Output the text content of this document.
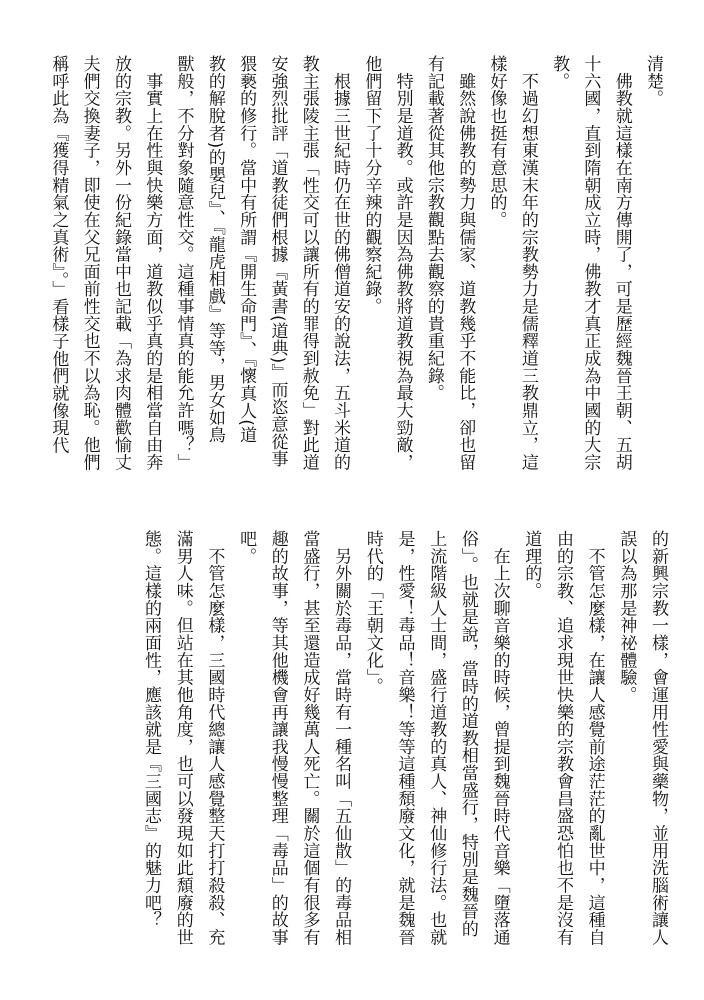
清楚。

　佛教就這樣在南方傳開了，可是歷經魏晉王朝、五胡

十六國，直到隋朝成立時，佛教才真正成為中國的大宗

教。

　不過幻想東漢末年的宗教勢力是儒釋道三教鼎立，這

樣好像也挺有意思的。

　雖然說佛教的勢力與儒家、道教幾乎不能比，卻也留

有記載著從其他宗教觀點去觀察的貴重紀錄。

　特別是道教。或許是因為佛教將道教視為最大勁敵，

他們留下了十分辛辣的觀察紀錄。

　根據三世紀時仍在世的佛僧道安的說法，五斗米道的

教主張陵主張「性交可以讓所有的罪得到赦免」對此道

安強烈批評「道教徒們根據『黃書(道典)』而恣意從事

猥褻的修行。當中有所謂『開生命門』、『懷真人(道

教的解脫者)的嬰兒』、『龍虎相戲』等等，男女如鳥

獸般，不分對象隨意性交。這種事情真的能允許嗎？」

　事實上在性與快樂方面，道教似乎真的是相當自由奔

放的宗教。另外一份紀錄當中也記載「為求肉體歡愉丈

夫們交換妻子，即使在父兄面前性交也不以為恥。他們

稱呼此為『獲得精氣之真術』。」看樣子他們就像現代

的新興宗教一樣，會運用性愛與藥物，並用洗腦術讓人

誤以為那是神祕體驗。

　不管怎麼樣，在讓人感覺前途茫茫的亂世中，這種自

由的宗教、追求現世快樂的宗教會昌盛恐怕也不是沒有

道理的。

　在上次聊音樂的時候，曾提到魏晉時代音樂「墮落通

俗」。也就是說，當時的道教相當盛行，特別是魏晉的

上流階級人士間，盛行道教的真人、神仙修行法。也就

是，性愛！毒品！音樂！等等這種頹廢文化，就是魏晉

時代的「王朝文化」。

　另外關於毒品，當時有一種名叫「五仙散」的毒品相

當盛行，甚至還造成好幾萬人死亡。關於這個有很多有

趣的故事，等其他機會再讓我慢慢整理「毒品」的故事

吧。

　不管怎麼樣，三國時代總讓人感覺整天打打殺殺、充

滿男人味。但站在其他角度，也可以發現如此頹廢的世

態。這樣的兩面性，應該就是『三國志』的魅力吧？
